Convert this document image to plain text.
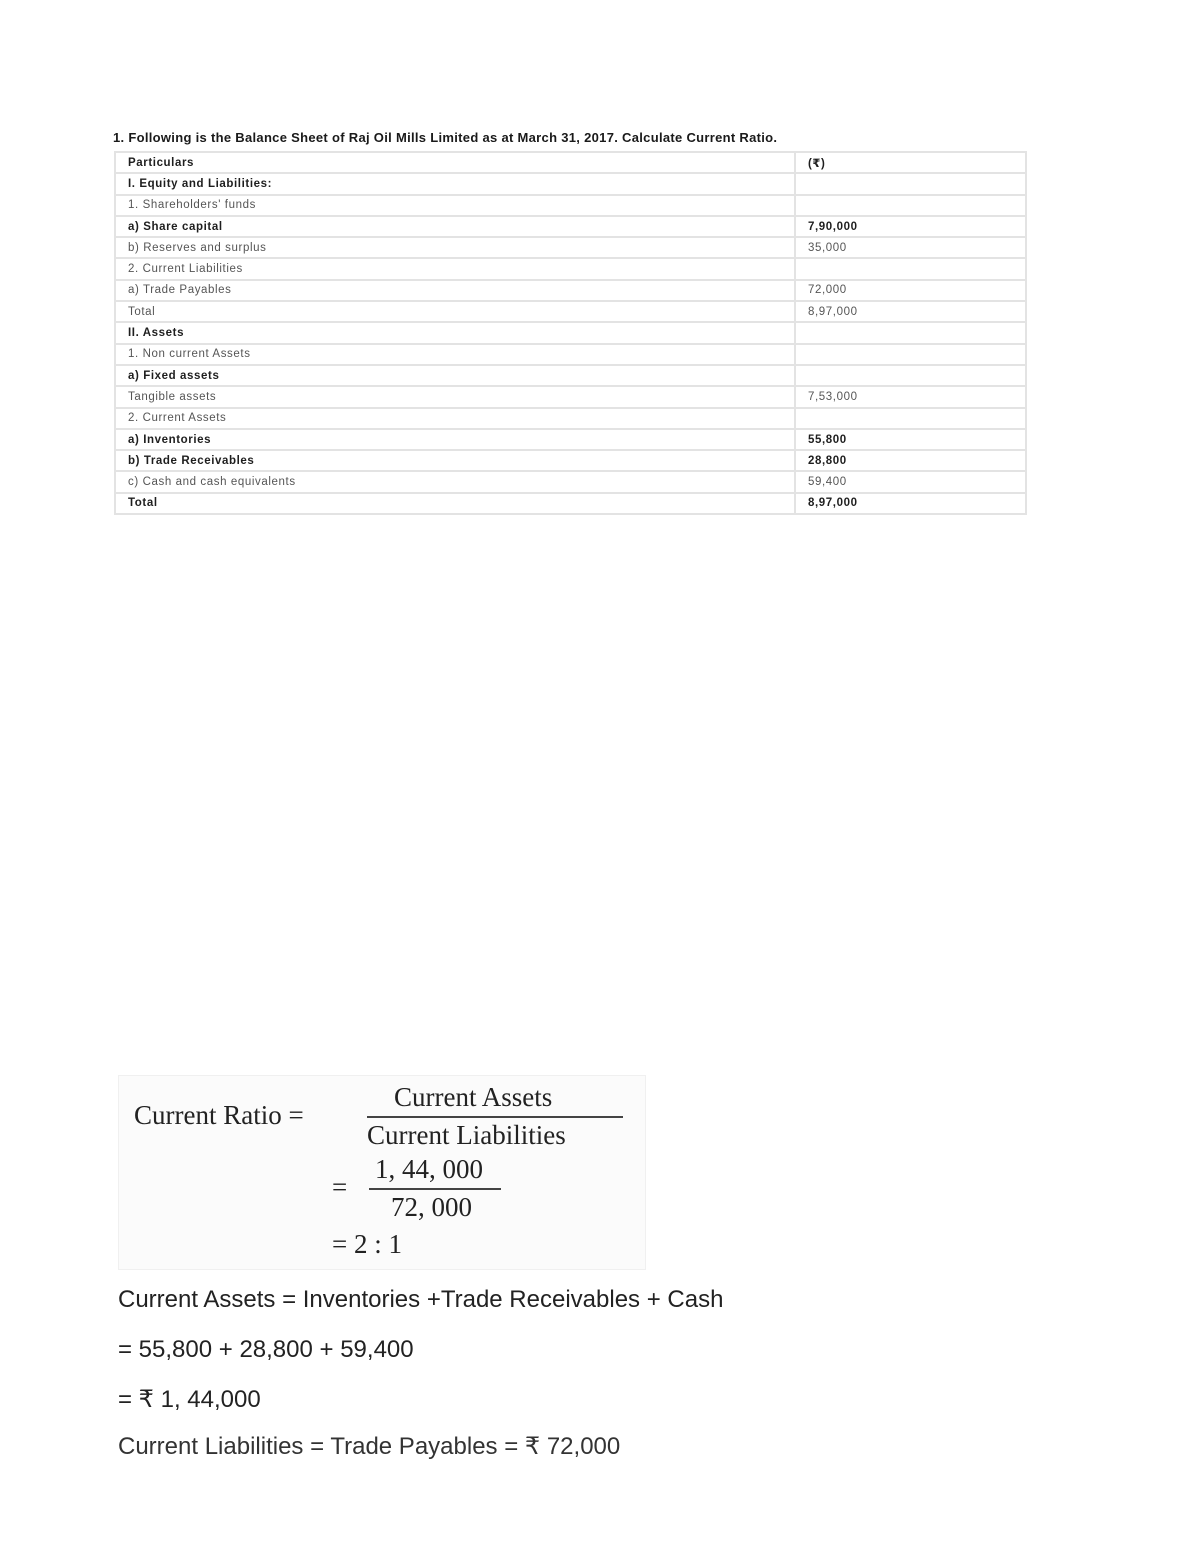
1. Following is the Balance Sheet of Raj Oil Mills Limited as at March 31, 2017. Calculate Current Ratio.
Particulars	(₹)
I. Equity and Liabilities:	
1. Shareholders' funds	
a) Share capital	7,90,000
b) Reserves and surplus	35,000
2. Current Liabilities	
a) Trade Payables	72,000
Total	8,97,000
II. Assets	
1. Non current Assets	
a) Fixed assets	
Tangible assets	7,53,000
2. Current Assets	
a) Inventories	55,800
b) Trade Receivables	28,800
c) Cash and cash equivalents	59,400
Total	8,97,000
Current Ratio =
Current Assets
Current Liabilities
=
1, 44, 000
72, 000
= 2 : 1
Current Assets = Inventories +Trade Receivables + Cash
= 55,800 + 28,800 + 59,400
= ₹ 1, 44,000
Current Liabilities = Trade Payables = ₹ 72,000
